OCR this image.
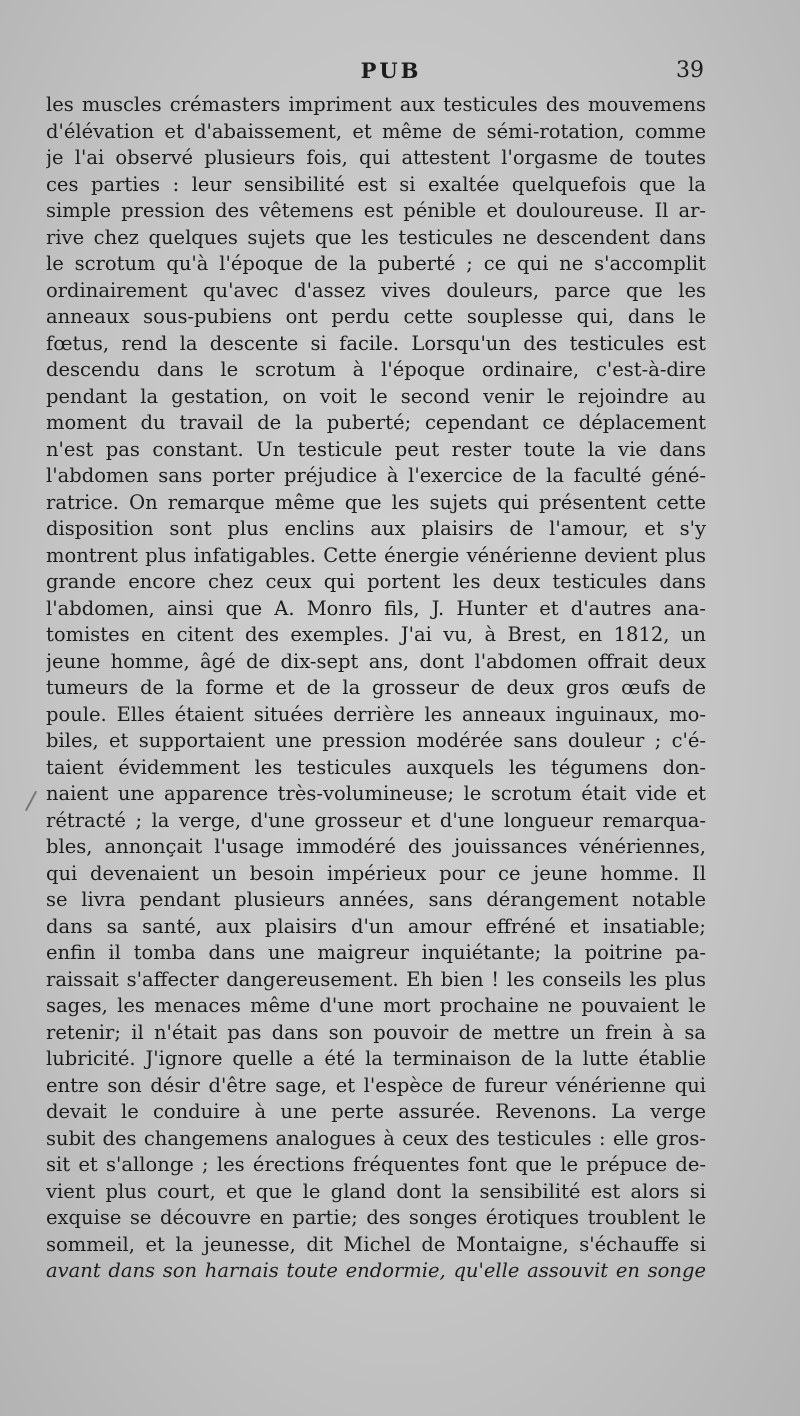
PUB	39
les muscles crémasters impriment aux testicules des mouvemens
d'élévation et d'abaissement, et même de sémi-rotation, comme
je l'ai observé plusieurs fois, qui attestent l'orgasme de toutes
ces parties : leur sensibilité est si exaltée quelquefois que la
simple pression des vêtemens est pénible et douloureuse. Il ar-
rive chez quelques sujets que les testicules ne descendent dans
le scrotum qu'à l'époque de la puberté ; ce qui ne s'accomplit
ordinairement qu'avec d'assez vives douleurs, parce que les
anneaux sous-pubiens ont perdu cette souplesse qui, dans le
fœtus, rend la descente si facile. Lorsqu'un des testicules est
descendu dans le scrotum à l'époque ordinaire, c'est-à-dire
pendant la gestation, on voit le second venir le rejoindre au
moment du travail de la puberté; cependant ce déplacement
n'est pas constant. Un testicule peut rester toute la vie dans
l'abdomen sans porter préjudice à l'exercice de la faculté géné-
ratrice. On remarque même que les sujets qui présentent cette
disposition sont plus enclins aux plaisirs de l'amour, et s'y
montrent plus infatigables. Cette énergie vénérienne devient plus
grande encore chez ceux qui portent les deux testicules dans
l'abdomen, ainsi que A. Monro fils, J. Hunter et d'autres ana-
tomistes en citent des exemples. J'ai vu, à Brest, en 1812, un
jeune homme, âgé de dix-sept ans, dont l'abdomen offrait deux
tumeurs de la forme et de la grosseur de deux gros œufs de
poule. Elles étaient situées derrière les anneaux inguinaux, mo-
biles, et supportaient une pression modérée sans douleur ; c'é-
taient évidemment les testicules auxquels les tégumens don-
naient une apparence très-volumineuse; le scrotum était vide et
rétracté ; la verge, d'une grosseur et d'une longueur remarqua-
bles, annonçait l'usage immodéré des jouissances vénériennes,
qui devenaient un besoin impérieux pour ce jeune homme. Il
se livra pendant plusieurs années, sans dérangement notable
dans sa santé, aux plaisirs d'un amour effréné et insatiable;
enfin il tomba dans une maigreur inquiétante; la poitrine pa-
raissait s'affecter dangereusement. Eh bien ! les conseils les plus
sages, les menaces même d'une mort prochaine ne pouvaient le
retenir; il n'était pas dans son pouvoir de mettre un frein à sa
lubricité. J'ignore quelle a été la terminaison de la lutte établie
entre son désir d'être sage, et l'espèce de fureur vénérienne qui
devait le conduire à une perte assurée. Revenons. La verge
subit des changemens analogues à ceux des testicules : elle gros-
sit et s'allonge ; les érections fréquentes font que le prépuce de-
vient plus court, et que le gland dont la sensibilité est alors si
exquise se découvre en partie; des songes érotiques troublent le
sommeil, et la jeunesse, dit Michel de Montaigne, s'échauffe si
avant dans son harnais toute endormie, qu'elle assouvit en songe
